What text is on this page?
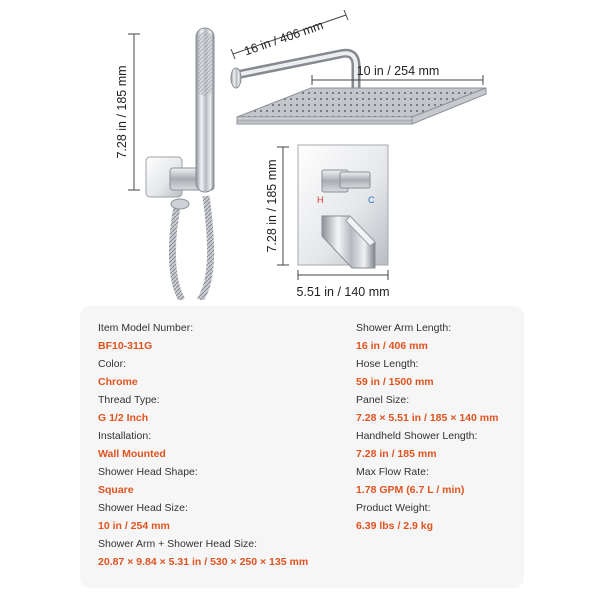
7.28 in / 185 mm
16 in / 406 mm
10 in / 254 mm
7.28 in / 185 mm	H	C
5.51 in / 140 mm
Item Model Number:
BF10-311G
Color:
Chrome
Thread Type:
G 1/2 Inch
Installation:
Wall Mounted
Shower Head Shape:
Square
Shower Head Size:
10 in / 254 mm
Shower Arm + Shower Head Size:
20.87 × 9.84 × 5.31 in / 530 × 250 × 135 mm
Shower Arm Length:
16 in / 406 mm
Hose Length:
59 in / 1500 mm
Panel Size:
7.28 × 5.51 in / 185 × 140 mm
Handheld Shower Length:
7.28 in / 185 mm
Max Flow Rate:
1.78 GPM (6.7 L / min)
Product Weight:
6.39 lbs / 2.9 kg
